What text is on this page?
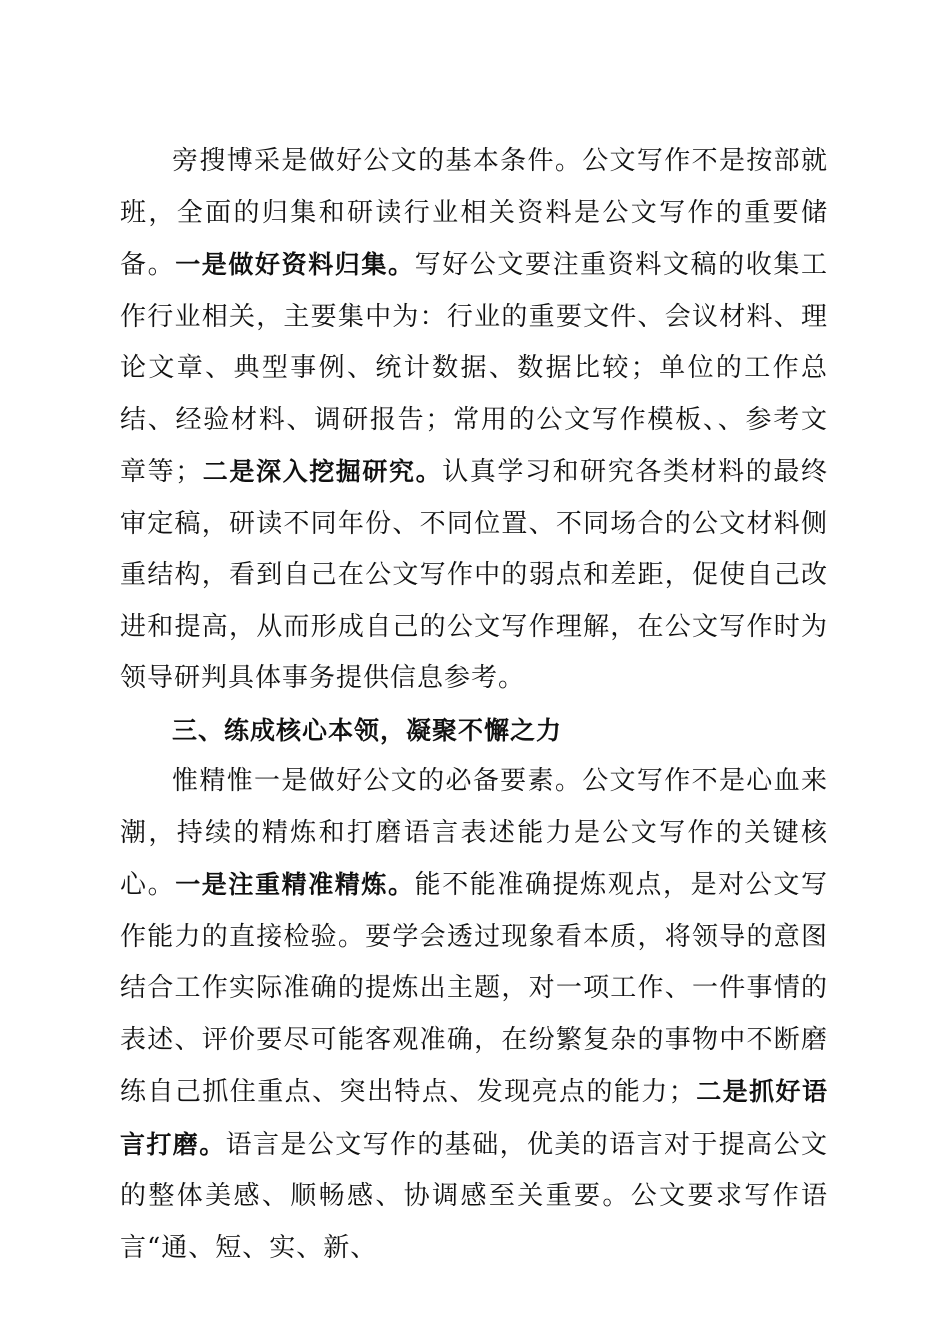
旁搜博采是做好公文的基本条件。公文写作不是按部就班，全面的归集和研读行业相关资料是公文写作的重要储备。一是做好资料归集。写好公文要注重资料文稿的收集工作行业相关，主要集中为：行业的重要文件、会议材料、理论文章、典型事例、统计数据、数据比较；单位的工作总结、经验材料、调研报告；常用的公文写作模板、、参考文章等；二是深入挖掘研究。认真学习和研究各类材料的最终审定稿，研读不同年份、不同位置、不同场合的公文材料侧重结构，看到自己在公文写作中的弱点和差距，促使自己改进和提高，从而形成自己的公文写作理解，在公文写作时为领导研判具体事务提供信息参考。

三、练成核心本领，凝聚不懈之力

惟精惟一是做好公文的必备要素。公文写作不是心血来潮，持续的精炼和打磨语言表述能力是公文写作的关键核心。一是注重精准精炼。能不能准确提炼观点，是对公文写作能力的直接检验。要学会透过现象看本质，将领导的意图结合工作实际准确的提炼出主题，对一项工作、一件事情的表述、评价要尽可能客观准确，在纷繁复杂的事物中不断磨练自己抓住重点、突出特点、发现亮点的能力；二是抓好语言打磨。语言是公文写作的基础，优美的语言对于提高公文的整体美感、顺畅感、协调感至关重要。公文要求写作语言“通、短、实、新、
